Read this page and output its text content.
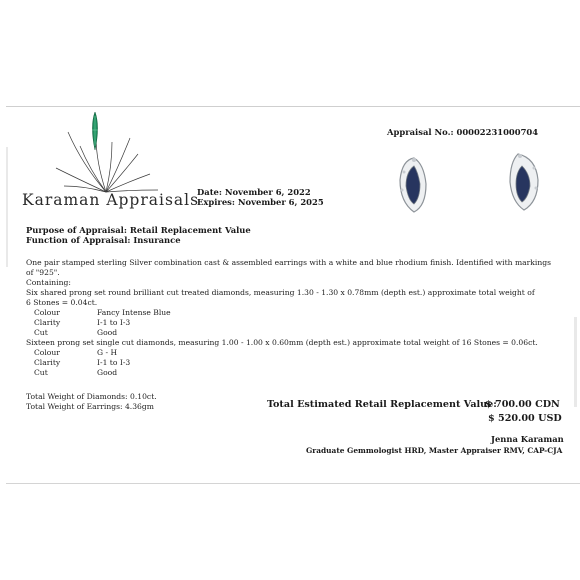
Karaman Appraisals
Appraisal No.: 00002231000704
Date: November 6, 2022
Expires: November 6, 2025
Purpose of Appraisal: Retail Replacement Value
Function of Appraisal: Insurance
One pair stamped sterling Silver combination cast & assembled earrings with a white and blue rhodium finish. Identified with markings
of "925".
Containing:
Six shared prong set round brilliant cut treated diamonds, measuring 1.30 - 1.30 x 0.78mm (depth est.) approximate total weight of
6 Stones = 0.04ct.
Colour	Fancy Intense Blue
Clarity	I-1 to I-3
Cut	Good
Sixteen prong set single cut diamonds, measuring 1.00 - 1.00 x 0.60mm (depth est.) approximate total weight of 16 Stones = 0.06ct.
Colour	G - H
Clarity	I-1 to I-3
Cut	Good
Total Weight of Diamonds: 0.10ct.
Total Weight of Earrings: 4.36gm	Total Estimated Retail Replacement Value:
$ 700.00 CDN
$ 520.00 USD
Jenna Karaman
Graduate Gemmologist HRD, Master Appraiser RMV, CAP-CJA
